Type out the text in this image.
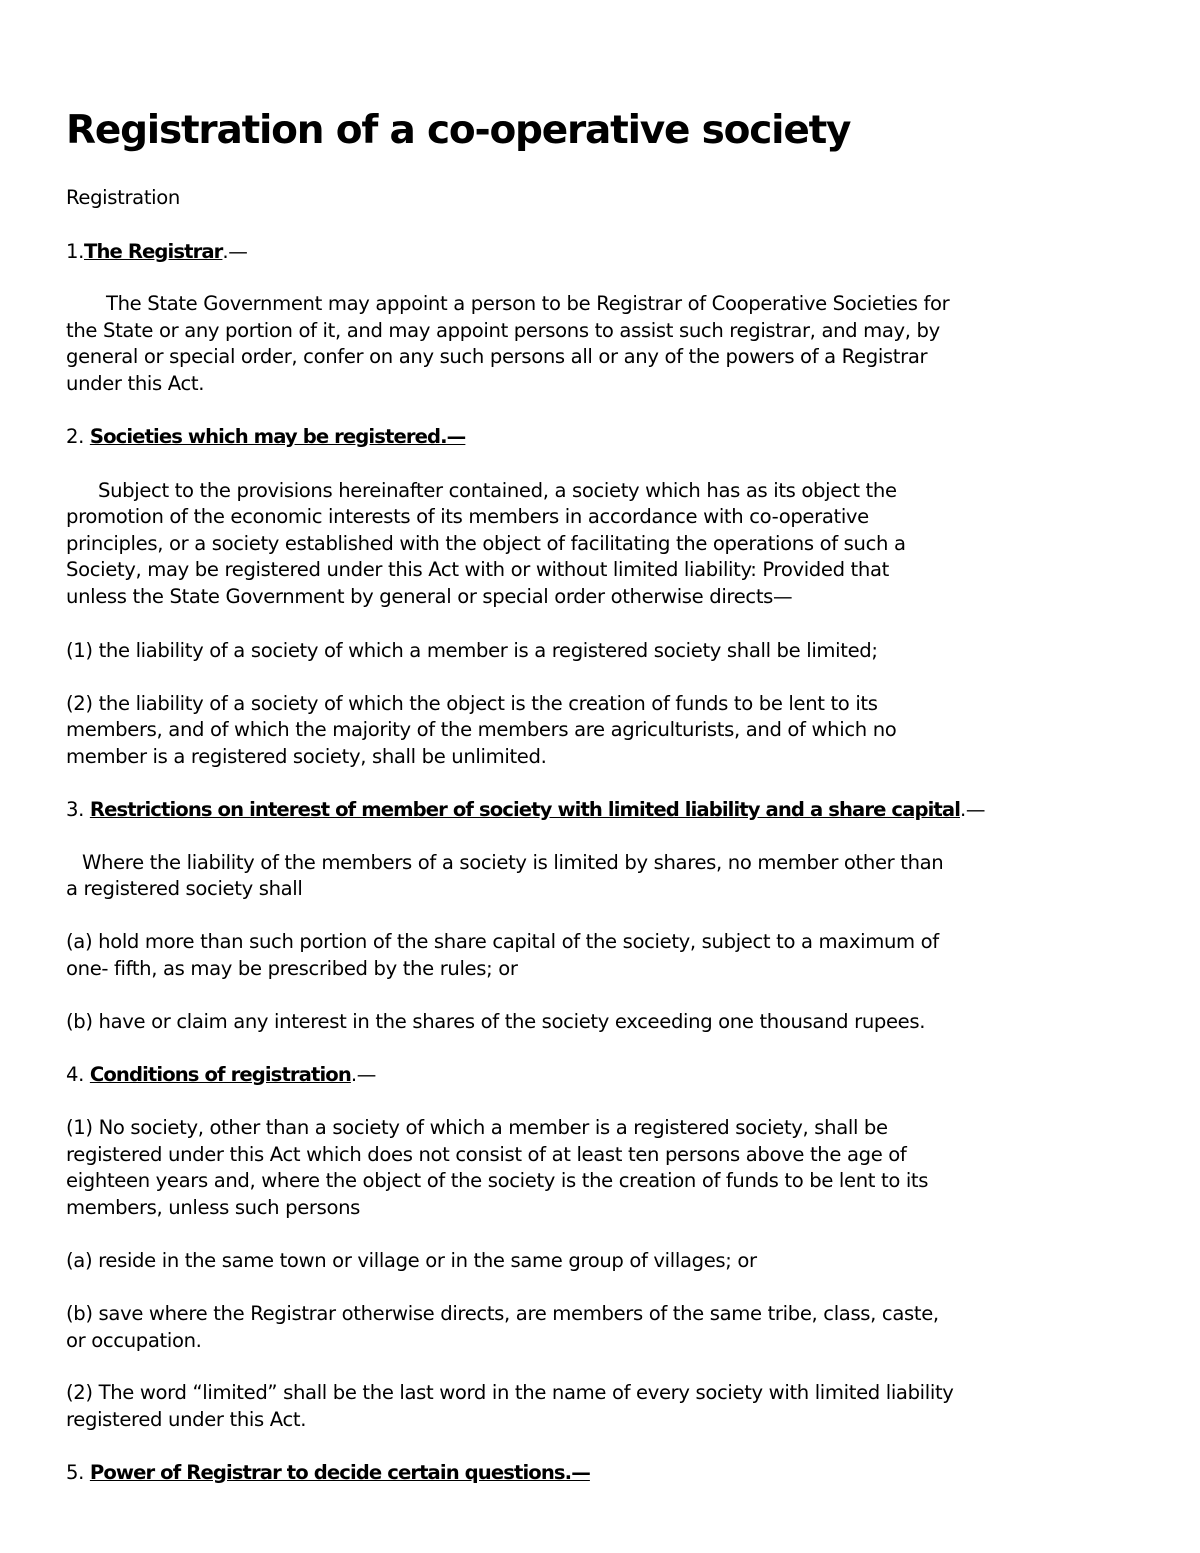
Registration of a co-operative society

Registration

1.The Registrar.—

The State Government may appoint a person to be Registrar of Cooperative Societies for

the State or any portion of it, and may appoint persons to assist such registrar, and may, by

general or special order, confer on any such persons all or any of the powers of a Registrar

under this Act.

2. Societies which may be registered.—

Subject to the provisions hereinafter contained, a society which has as its object the

promotion of the economic interests of its members in accordance with co-operative

principles, or a society established with the object of facilitating the operations of such a

Society, may be registered under this Act with or without limited liability: Provided that

unless the State Government by general or special order otherwise directs—

(1) the liability of a society of which a member is a registered society shall be limited;

(2) the liability of a society of which the object is the creation of funds to be lent to its

members, and of which the majority of the members are agriculturists, and of which no

member is a registered society, shall be unlimited.

3. Restrictions on interest of member of society with limited liability and a share capital.—

Where the liability of the members of a society is limited by shares, no member other than

a registered society shall

(a) hold more than such portion of the share capital of the society, subject to a maximum of

one- fifth, as may be prescribed by the rules; or

(b) have or claim any interest in the shares of the society exceeding one thousand rupees.

4. Conditions of registration.—

(1) No society, other than a society of which a member is a registered society, shall be

registered under this Act which does not consist of at least ten persons above the age of

eighteen years and, where the object of the society is the creation of funds to be lent to its

members, unless such persons

(a) reside in the same town or village or in the same group of villages; or

(b) save where the Registrar otherwise directs, are members of the same tribe, class, caste,

or occupation.

(2) The word “limited” shall be the last word in the name of every society with limited liability

registered under this Act.

5. Power of Registrar to decide certain questions.—
